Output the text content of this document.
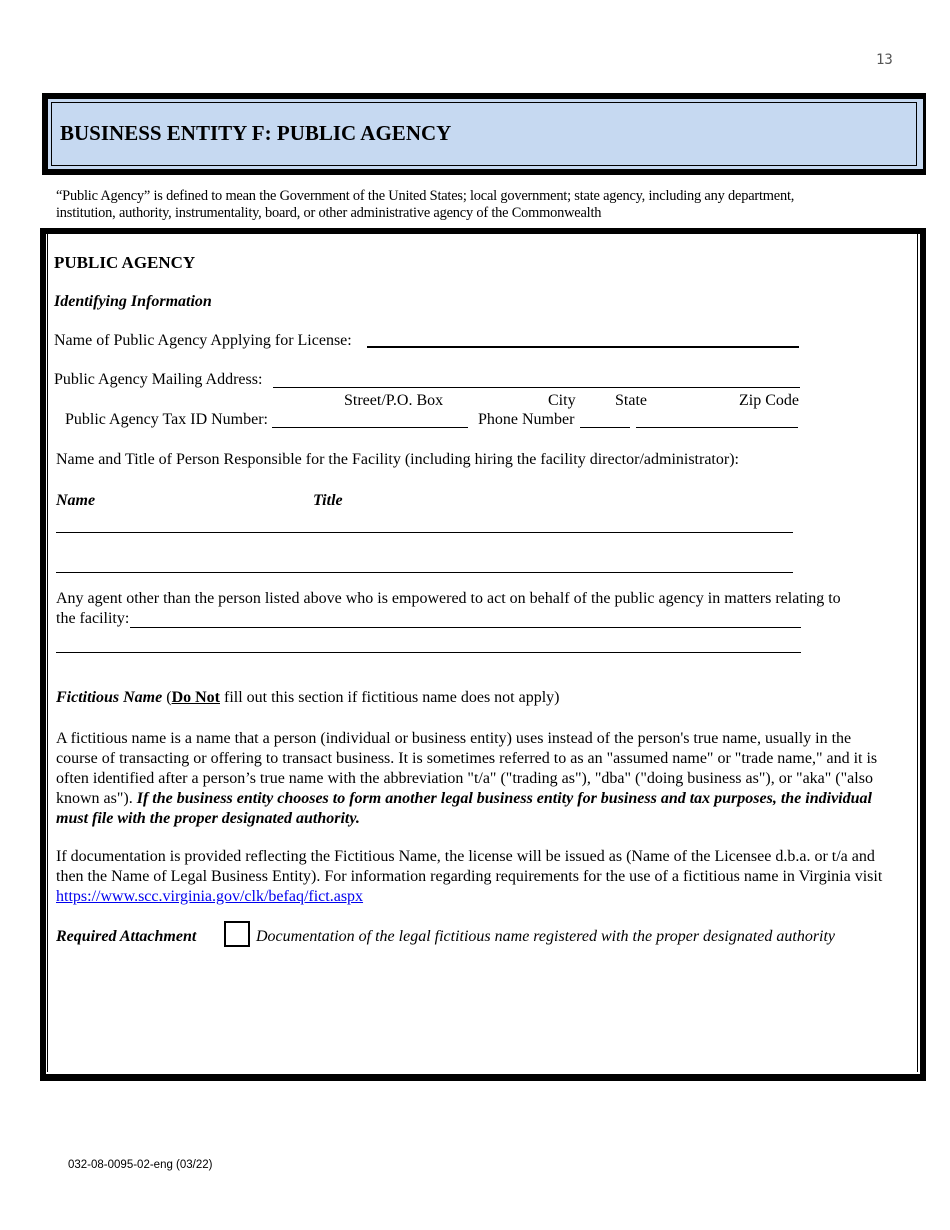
13
BUSINESS ENTITY F: PUBLIC AGENCY
“Public Agency” is defined to mean the Government of the United States; local government; state agency, including any department, institution, authority, instrumentality, board, or other administrative agency of the Commonwealth
PUBLIC AGENCY
Identifying Information
Name of Public Agency Applying for License:
Public Agency Mailing Address:
Street/P.O. Box	City State	Zip Code
Public Agency Tax ID Number:	Phone Number
Name and Title of Person Responsible for the Facility (including hiring the facility director/administrator):
Name	Title
Any agent other than the person listed above who is empowered to act on behalf of the public agency in matters relating to
the facility:
Fictitious Name (Do Not fill out this section if fictitious name does not apply)
A fictitious name is a name that a person (individual or business entity) uses instead of the person's true name, usually in the course of transacting or offering to transact business. It is sometimes referred to as an "assumed name" or "trade name," and it is often identified after a person’s true name with the abbreviation "t/a" ("trading as"), "dba" ("doing business as"), or "aka" ("also known as"). If the business entity chooses to form another legal business entity for business and tax purposes, the individual must file with the proper designated authority.
If documentation is provided reflecting the Fictitious Name, the license will be issued as (Name of the Licensee d.b.a. or t/a and then the Name of Legal Business Entity). For information regarding requirements for the use of a fictitious name in Virginia visit https://www.scc.virginia.gov/clk/befaq/fict.aspx
Required Attachment	Documentation of the legal fictitious name registered with the proper designated authority
032-08-0095-02-eng (03/22)
